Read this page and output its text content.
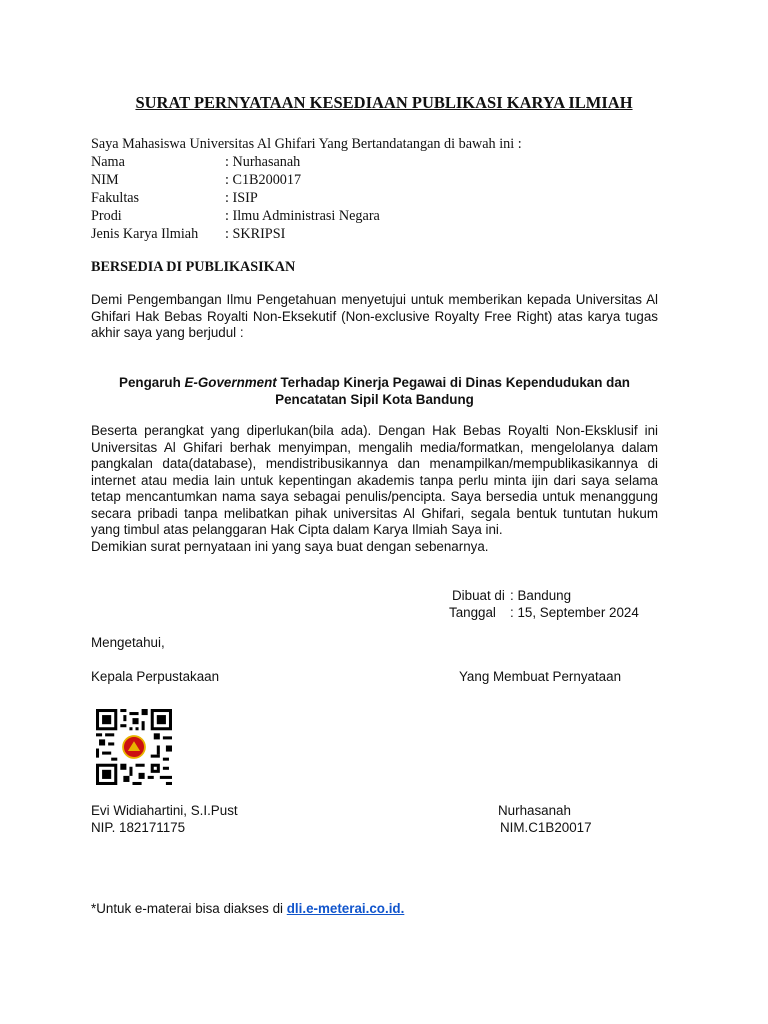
SURAT PERNYATAAN KESEDIAAN PUBLIKASI KARYA ILMIAH
Saya Mahasiswa Universitas Al Ghifari Yang Bertandatangan di bawah ini :
Nama	: Nurhasanah
NIM	: C1B200017
Fakultas	: ISIP
Prodi	: Ilmu Administrasi Negara
Jenis Karya Ilmiah	: SKRIPSI
BERSEDIA DI PUBLIKASIKAN
Demi Pengembangan Ilmu Pengetahuan menyetujui untuk memberikan kepada Universitas Al Ghifari Hak Bebas Royalti Non-Eksekutif (Non-exclusive Royalty Free Right) atas karya tugas akhir saya yang berjudul :
Pengaruh E-Government Terhadap Kinerja Pegawai di Dinas Kependudukan dan Pencatatan Sipil Kota Bandung
Beserta perangkat yang diperlukan(bila ada). Dengan Hak Bebas Royalti Non-Eksklusif ini Universitas Al Ghifari berhak menyimpan, mengalih media/formatkan, mengelolanya dalam pangkalan data(database), mendistribusikannya dan menampilkan/mempublikasikannya di internet atau media lain untuk kepentingan akademis tanpa perlu minta ijin dari saya selama tetap mencantumkan nama saya sebagai penulis/pencipta. Saya bersedia untuk menanggung secara pribadi tanpa melibatkan pihak universitas Al Ghifari, segala bentuk tuntutan hukum yang timbul atas pelanggaran Hak Cipta dalam Karya Ilmiah Saya ini.
Demikian surat pernyataan ini yang saya buat dengan sebenarnya.
Dibuat di : Bandung
Tanggal	: 15, September 2024
Mengetahui,
Kepala Perpustakaan	Yang Membuat Pernyataan
Evi Widiahartini, S.I.Pust
NIP. 182171175
Nurhasanah
NIM.C1B20017
*Untuk e-materai bisa diakses di dli.e-meterai.co.id.
